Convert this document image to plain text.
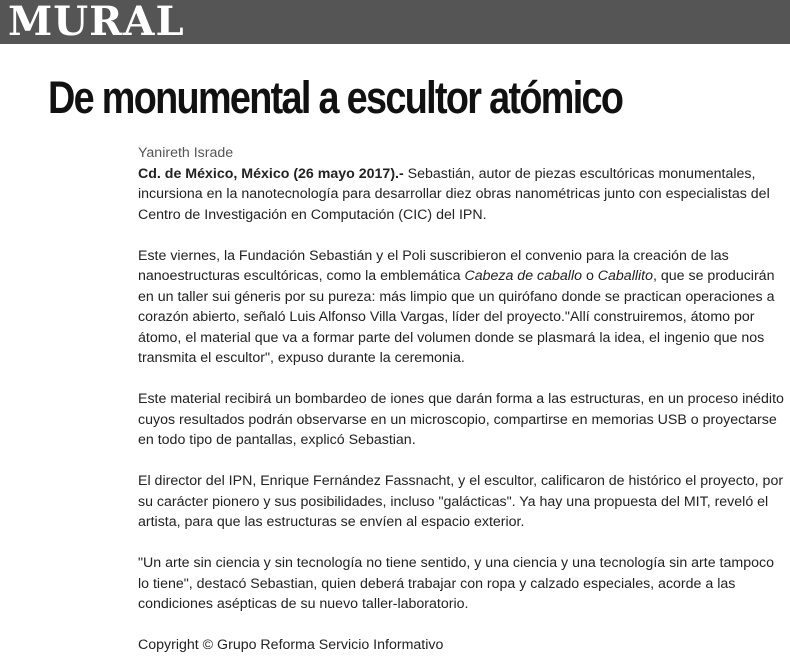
MURAL
De monumental a escultor atómico
Yanireth Israde

Cd. de México, México (26 mayo 2017).- Sebastián, autor de piezas escultóricas monumentales, incursiona en la nanotecnología para desarrollar diez obras nanométricas junto con especialistas del Centro de Investigación en Computación (CIC) del IPN.

Este viernes, la Fundación Sebastián y el Poli suscribieron el convenio para la creación de las nanoestructuras escultóricas, como la emblemática Cabeza de caballo o Caballito, que se producirán en un taller sui géneris por su pureza: más limpio que un quirófano donde se practican operaciones a corazón abierto, señaló Luis Alfonso Villa Vargas, líder del proyecto."Allí construiremos, átomo por átomo, el material que va a formar parte del volumen donde se plasmará la idea, el ingenio que nos transmita el escultor", expuso durante la ceremonia.

Este material recibirá un bombardeo de iones que darán forma a las estructuras, en un proceso inédito cuyos resultados podrán observarse en un microscopio, compartirse en memorias USB o proyectarse en todo tipo de pantallas, explicó Sebastian.

El director del IPN, Enrique Fernández Fassnacht, y el escultor, calificaron de histórico el proyecto, por su carácter pionero y sus posibilidades, incluso "galácticas". Ya hay una propuesta del MIT, reveló el artista, para que las estructuras se envíen al espacio exterior.

"Un arte sin ciencia y sin tecnología no tiene sentido, y una ciencia y una tecnología sin arte tampoco lo tiene", destacó Sebastian, quien deberá trabajar con ropa y calzado especiales, acorde a las condiciones asépticas de su nuevo taller-laboratorio.

Copyright © Grupo Reforma Servicio Informativo
